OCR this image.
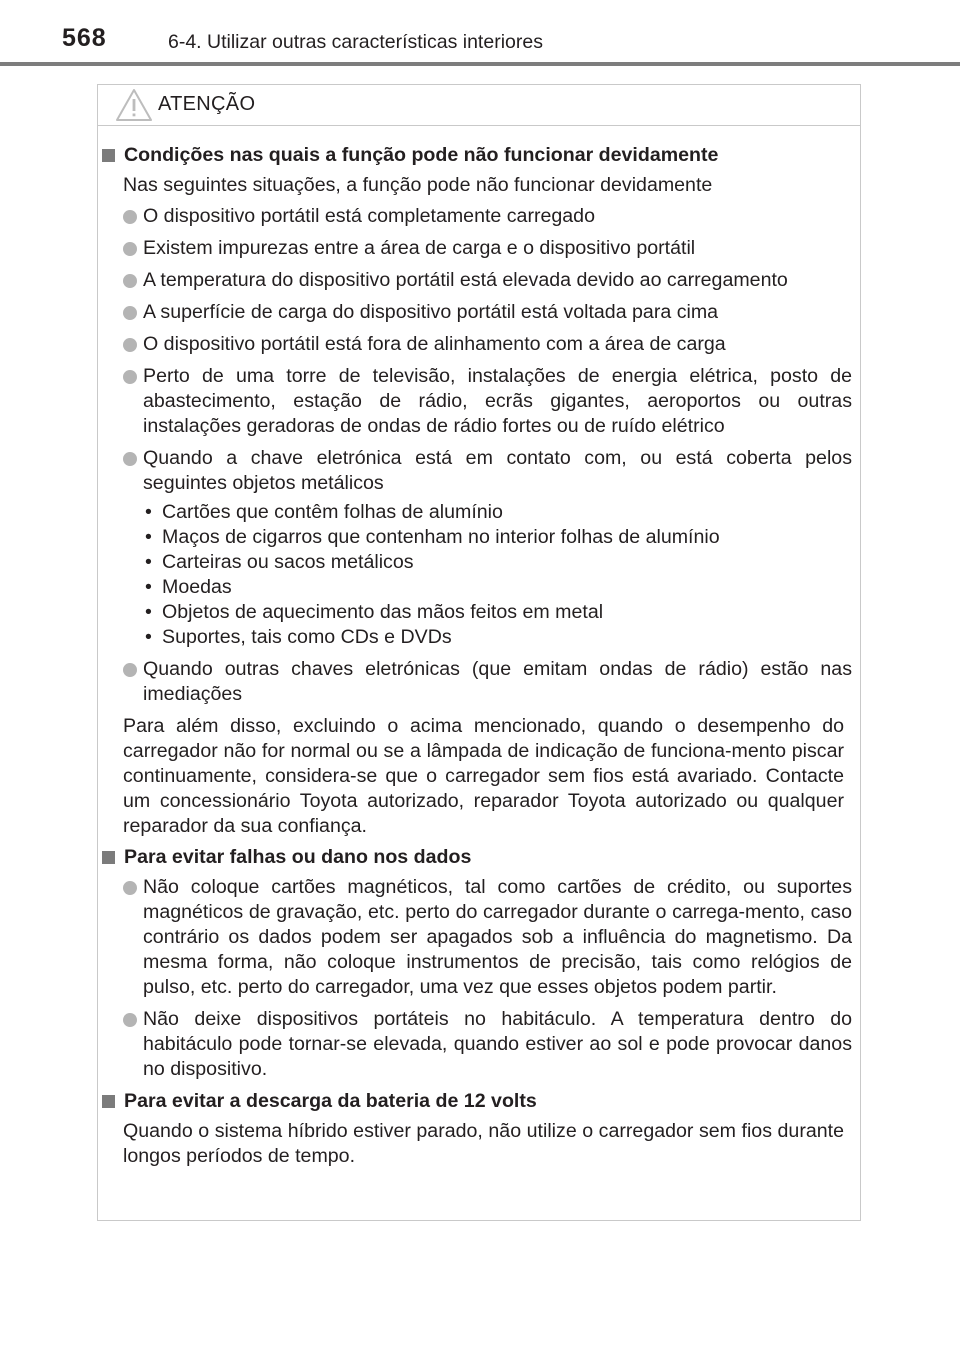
568	6-4. Utilizar outras características interiores
ATENÇÃO
Condições nas quais a função pode não funcionar devidamente
Nas seguintes situações, a função pode não funcionar devidamente
O dispositivo portátil está completamente carregado
Existem impurezas entre a área de carga e o dispositivo portátil
A temperatura do dispositivo portátil está elevada devido ao carregamento
A superfície de carga do dispositivo portátil está voltada para cima
O dispositivo portátil está fora de alinhamento com a área de carga
Perto de uma torre de televisão, instalações de energia elétrica, posto de abastecimento, estação de rádio, ecrãs gigantes, aeroportos ou outras instalações geradoras de ondas de rádio fortes ou de ruído elétrico
Quando a chave eletrónica está em contato com, ou está coberta pelos seguintes objetos metálicos
• Cartões que contêm folhas de alumínio
• Maços de cigarros que contenham no interior folhas de alumínio
• Carteiras ou sacos metálicos
• Moedas
• Objetos de aquecimento das mãos feitos em metal
• Suportes, tais como CDs e DVDs
Quando outras chaves eletrónicas (que emitam ondas de rádio) estão nas imediações
Para além disso, excluindo o acima mencionado, quando o desempenho do carregador não for normal ou se a lâmpada de indicação de funciona-mento piscar continuamente, considera-se que o carregador sem fios está avariado. Contacte um concessionário Toyota autorizado, reparador Toyota autorizado ou qualquer reparador da sua confiança.
Para evitar falhas ou dano nos dados
Não coloque cartões magnéticos, tal como cartões de crédito, ou suportes magnéticos de gravação, etc. perto do carregador durante o carrega-mento, caso contrário os dados podem ser apagados sob a influência do magnetismo. Da mesma forma, não coloque instrumentos de precisão, tais como relógios de pulso, etc. perto do carregador, uma vez que esses objetos podem partir.
Não deixe dispositivos portáteis no habitáculo. A temperatura dentro do habitáculo pode tornar-se elevada, quando estiver ao sol e pode provocar danos no dispositivo.
Para evitar a descarga da bateria de 12 volts
Quando o sistema híbrido estiver parado, não utilize o carregador sem fios durante longos períodos de tempo.
